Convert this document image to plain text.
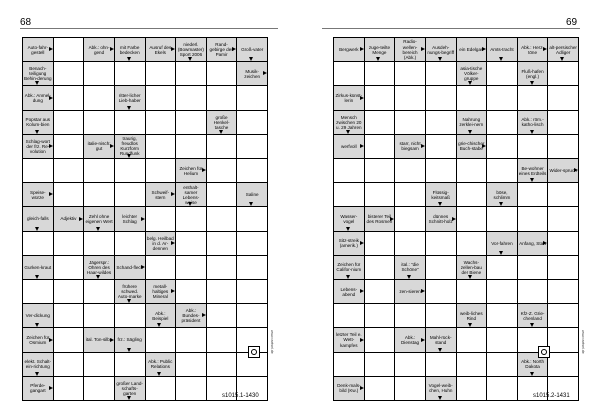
68
Auto-fahr-gestell
Abk.: ohn-gend
mit Farbe bedecken
Ausruf des Ekels
niederl. (Bowmaster) Sport 2006
Rand-gebirge des Pamir
Groß-vater
Benach-teiligung Behin-derung
Musik-zeichen
Abk.: Anmel-dung
ritter-licher Lieb-haber
Popstar aus Kolum-bien
große Henkel-tasche
Schlag-wort der frz. Re-volution
italie-nisch: gut
traurig, freudlos Kurzform Rundfunk
Zeichen für Helium
Speise-würze
Schweif-stern
enthalt-samer Lebens-weise
Saline
gleich-falls	Adjektiv
Zehl ohne eigenen Wert
leichter Schlag
belg. Heilbad in d. Ar-dennen
Gurken-kraut
Jägerspr.: Ohren des Haar-wildes
Schand-fleck
frühere schwed. Auto-marke
metall-haltiges Mineral
Ver-dickung
Abk.: Beispiel
Abk.: Bundes-präsident
Zeichen für Osmium
ital. Ton-silbe frz.: Sägling
elekt. Schalt-ein-richtung
Abk.: Public Relations
Pferde-gangart
großer Land-schafts-garten
www.raetsel.de
s1015.1-1430
69
Bergwerk
zuge-teilte Menge
Radio-wellen-bereich (Abk.)
Ausdeh-nungs-begriff
ein Edelgas Amts-tracht
Abk.: Herz-töne
alt-persischer Adliger
asia-tische Völker-gruppe
Fluß-hafen (engl.)
Zirkus-künst-lerin
Mensch zwischen 20 u. 29 Jahren
Nahrung zerklei-nern
Abk.: röm.-katho-lisch
werfvoll
starr, nicht biegsam
grie-chischer Buch-stabe
Be-wohner eines Erdteils
Wider-spruch
Flüssig-keitsmaß
böse, schlimm
Wasser-vogel
bisterer Teil des Rosmen
dünnes Schnitt-holz
Sitz-streik (amerik.)
Vor-fahren Anfang, Start
Zeichen für Califor-nium
ital.: "die Schöne"
Wachs-zellen-bau der Biene
Lebens-abend
zen-sieren
weib-liches Rind
Kfz-Z. Grie-chenland
letzter Teil e. Wett-kampfes
Abk.: Dienstag
Mahl-rück-stand
Abk.: North Dakota
Denk-mals-bild (Kw.)
Vogel-weib-chen, Huhn
www.raetsel.de
s1015.2-1431
